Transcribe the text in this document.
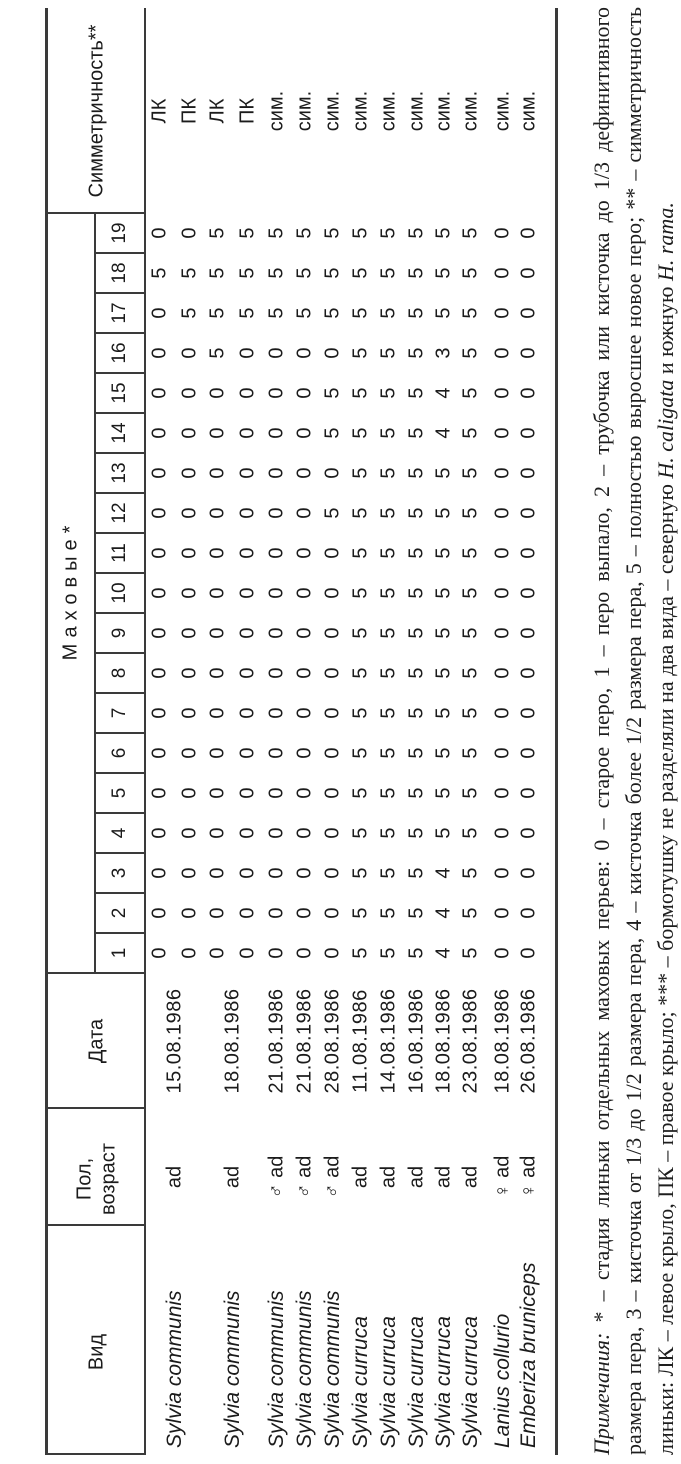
Вид
Пол, возраст
Дата
Маховые*
Симметричность**
1
2
3
4
5
6
7
8
9
10
11
12
13
14
15
16
17
18
19
0
0
0
0
0
0
0
0
0
0
0
0
0
0
0
0
0
5
0
ЛК
0
0
0
0
0
0
0
0
0
0
0
0
0
0
0
0
5
5
0
ПК
0
0
0
0
0
0
0
0
0
0
0
0
0
0
0
5
5
5
5
ЛК
0
0
0
0
0
0
0
0
0
0
0
0
0
0
0
0
5
5
5
ПК
0
0
0
0
0
0
0
0
0
0
0
0
0
0
0
0
5
5
5
сим.
0
0
0
0
0
0
0
0
0
0
0
0
0
0
0
0
5
5
5
сим.
0
0
0
0
0
0
0
0
0
0
0
5
0
5
5
0
5
5
5
сим.
5
5
5
5
5
5
5
5
5
5
5
5
5
5
5
5
5
5
5
сим.
5
5
5
5
5
5
5
5
5
5
5
5
5
5
5
5
5
5
5
сим.
5
5
5
5
5
5
5
5
5
5
5
5
5
5
5
5
5
5
5
сим.
4
4
4
5
5
5
5
5
5
5
5
5
5
4
4
3
5
5
5
сим.
5
5
5
5
5
5
5
5
5
5
5
5
5
5
5
5
5
5
5
сим.
0
0
0
0
0
0
0
0
0
0
0
0
0
0
0
0
0
0
0
сим.
0
0
0
0
0
0
0
0
0
0
0
0
0
0
0
0
0
0
0
сим.
Sylvia communis
ad
15.08.1986
Sylvia communis
ad
18.08.1986
Sylvia communis
♂ ad
21.08.1986
Sylvia communis
♂ ad
21.08.1986
Sylvia communis
♂ ad
28.08.1986
Sylvia curruca
ad
11.08.1986
Sylvia curruca
ad
14.08.1986
Sylvia curruca
ad
16.08.1986
Sylvia curruca
ad
18.08.1986
Sylvia curruca
ad
23.08.1986
Lanius collurio
♀ ad
18.08.1986
Emberiza bruniceps
♀ ad
26.08.1986
Примечания: * – стадия линьки отдельных маховых перьев: 0 – старое перо, 1 – перо выпало, 2 – трубочка или кисточка до 1/3 дефинитивного размера пера, 3 – кисточка от 1/3 до 1/2 размера пера, 4 – кисточка более 1/2 размера пера, 5 – полностью выросшее новое перо; ** – симметричность линьки: ЛК – левое крыло, ПК – правое крыло; *** – бормотушку не разделяли на два вида – северную H. caligata и южную H. rama.
